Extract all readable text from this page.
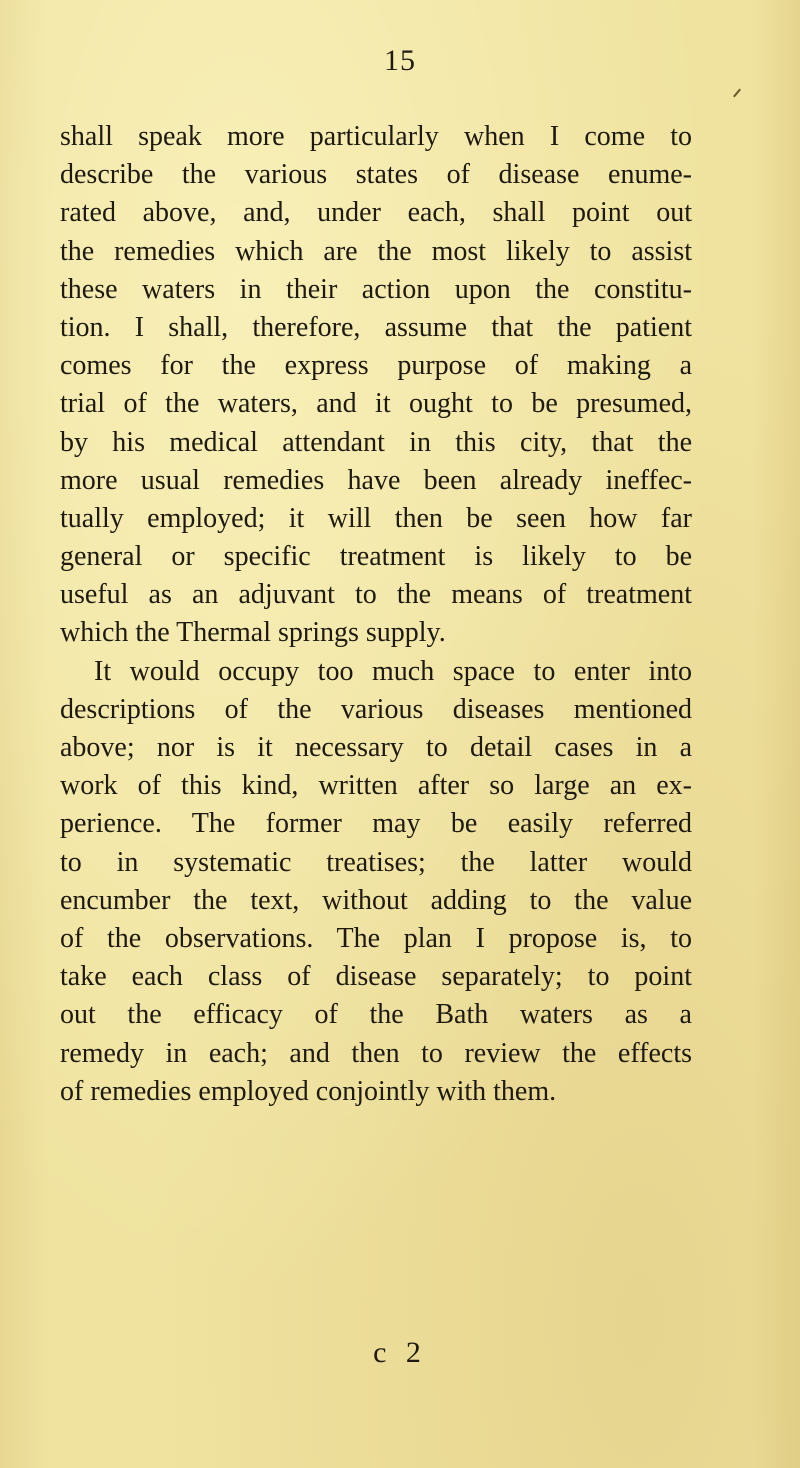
15
shall speak more particularly when I come to
describe the various states of disease enume-
rated above, and, under each, shall point out
the remedies which are the most likely to assist
these waters in their action upon the constitu-
tion. I shall, therefore, assume that the patient
comes for the express purpose of making a
trial of the waters, and it ought to be presumed,
by his medical attendant in this city, that the
more usual remedies have been already ineffec-
tually employed; it will then be seen how far
general or specific treatment is likely to be
useful as an adjuvant to the means of treatment
which the Thermal springs supply.
It would occupy too much space to enter into
descriptions of the various diseases mentioned
above; nor is it necessary to detail cases in a
work of this kind, written after so large an ex-
perience. The former may be easily referred
to in systematic treatises; the latter would
encumber the text, without adding to the value
of the observations. The plan I propose is, to
take each class of disease separately; to point
out the efficacy of the Bath waters as a
remedy in each; and then to review the effects
of remedies employed conjointly with them.
c 2
